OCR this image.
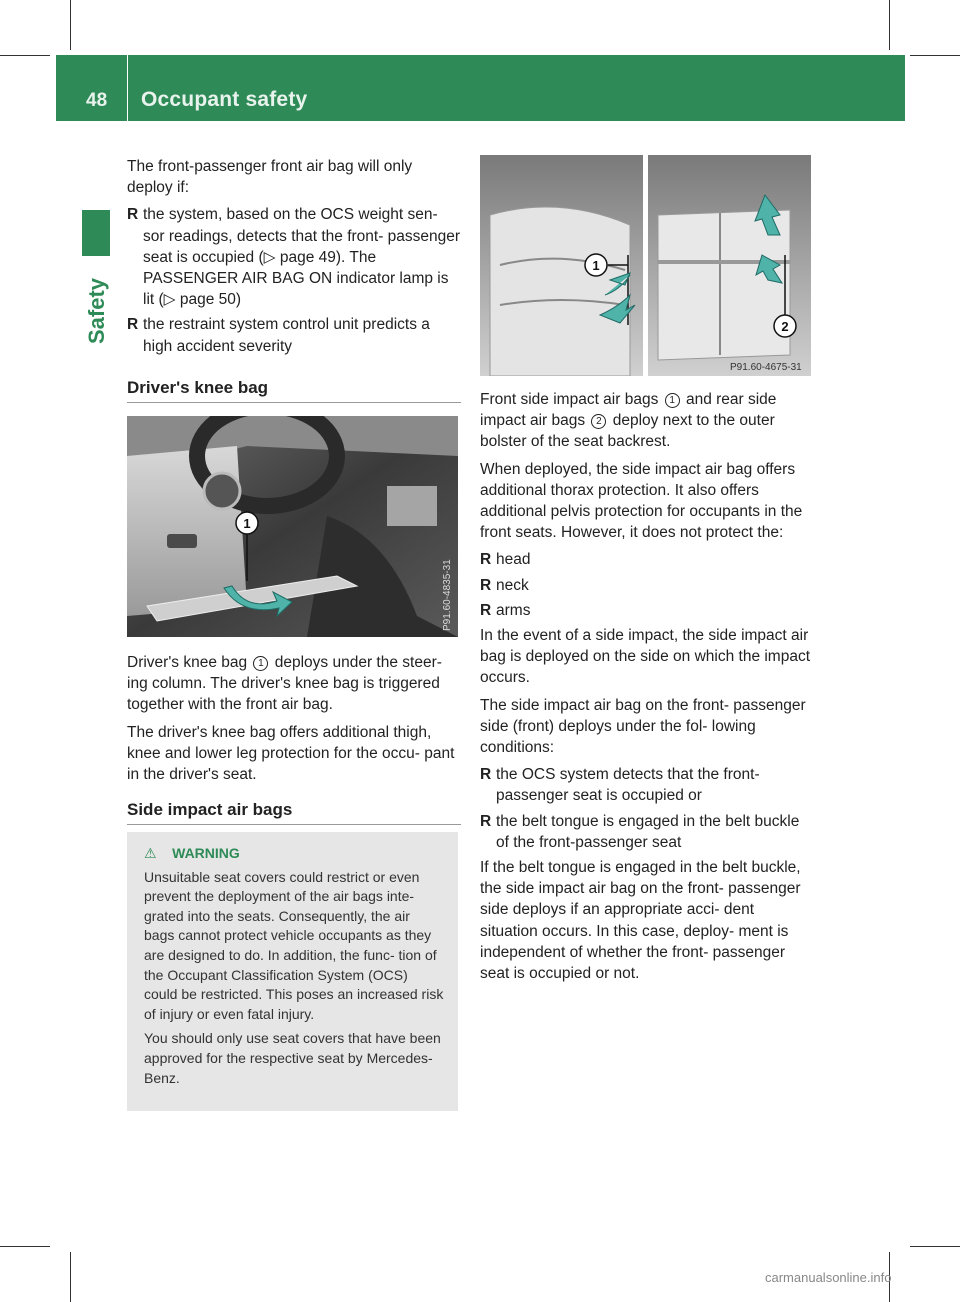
48 Occupant safety
Safety

The front-passenger front air bag will only deploy if:

R the system, based on the OCS weight sen- sor readings, detects that the front- passenger seat is occupied (▷ page 49). The PASSENGER AIR BAG ON indicator lamp is lit (▷ page 50)
R the restraint system control unit predicts a high accident severity
Driver's knee bag
1
P91.60-4835-31

Driver's knee bag 1 deploys under the steer- ing column. The driver's knee bag is triggered together with the front air bag.

The driver's knee bag offers additional thigh, knee and lower leg protection for the occu- pant in the driver's seat.

Side impact air bags
⚠ WARNING

Unsuitable seat covers could restrict or even prevent the deployment of the air bags inte- grated into the seats. Consequently, the air bags cannot protect vehicle occupants as they are designed to do. In addition, the func- tion of the Occupant Classification System (OCS) could be restricted. This poses an increased risk of injury or even fatal injury.

You should only use seat covers that have been approved for the respective seat by Mercedes-Benz.

1
2
P91.60-4675-31

Front side impact air bags 1 and rear side impact air bags 2 deploy next to the outer bolster of the seat backrest.

When deployed, the side impact air bag offers additional thorax protection. It also offers additional pelvis protection for occupants in the front seats. However, it does not protect the:

R head
R neck
R arms

In the event of a side impact, the side impact air bag is deployed on the side on which the impact occurs.

The side impact air bag on the front- passenger side (front) deploys under the fol- lowing conditions:

R the OCS system detects that the front- passenger seat is occupied or
R the belt tongue is engaged in the belt buckle of the front-passenger seat

If the belt tongue is engaged in the belt buckle, the side impact air bag on the front- passenger side deploys if an appropriate acci- dent situation occurs. In this case, deploy- ment is independent of whether the front- passenger seat is occupied or not.

carmanualsonline.info
